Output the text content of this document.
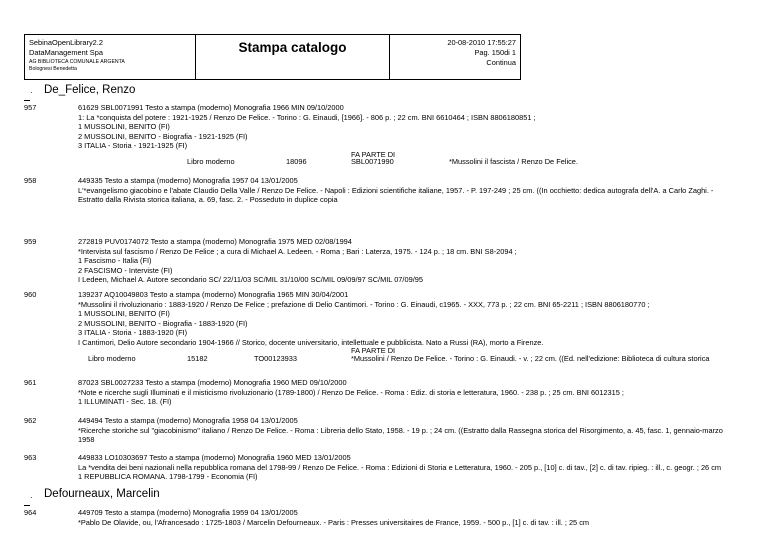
SebinaOpenLibrary2.2
DataManagement Spa
AG BIBLIOTECA COMUNALE ARGENTA
Bolognesi Benedetta
Stampa catalogo	20-08-2010 17:55:27
Pag. 150di 1
Continua
· De_Felice, Renzo
957	61629 SBL0071991 Testo a stampa (moderno) Monografia 1966 MIN 09/10/2000
1: La *conquista del potere : 1921-1925 / Renzo De Felice. - Torino : G. Einaudi, [1966]. - 806 p. ; 22 cm. BNI 6610464 ; ISBN 8806180851 ;
1 MUSSOLINI, BENITO (FI)
2 MUSSOLINI, BENITO - Biografia - 1921-1925 (FI)
3 ITALIA - Storia - 1921-1925 (FI)
FA PARTE DI
Libro moderno	18096	SBL0071990	*Mussolini il fascista / Renzo De Felice.
958	449335 Testo a stampa (moderno) Monografia 1957 04 13/01/2005
L'*evangelismo giacobino e l'abate Claudio Della Valle / Renzo De Felice. - Napoli : Edizioni scientifiche italiane, 1957. - P. 197-249 ; 25 cm. ((In occhietto: dedica autografa dell'A. a Carlo Zaghi. -
Estratto dalla Rivista storica italiana, a. 69, fasc. 2. - Posseduto in duplice copia
959	272819 PUV0174072 Testo a stampa (moderno) Monografia 1975 MED 02/08/1994
*Intervista sul fascismo / Renzo De Felice ; a cura di Michael A. Ledeen. - Roma ; Bari : Laterza, 1975. - 124 p. ; 18 cm. BNI S8-2094 ;
1 Fascismo - Italia (FI)
2 FASCISMO - Interviste (FI)
I Ledeen, Michael A. Autore secondario SC/ 22/11/03 SC/MIL 31/10/00 SC/MIL 09/09/97 SC/MIL 07/09/95
960	139237 AQ10049803 Testo a stampa (moderno) Monografia 1965 MIN 30/04/2001
*Mussolini il rivoluzionario : 1883-1920 / Renzo De Felice ; prefazione di Delio Cantimori. - Torino : G. Einaudi, c1965. - XXX, 773 p. ; 22 cm. BNI 65-2211 ; ISBN 8806180770 ;
1 MUSSOLINI, BENITO (FI)
2 MUSSOLINI, BENITO - Biografia - 1883-1920 (FI)
3 ITALIA - Storia - 1883-1920 (FI)
I Cantimori, Delio Autore secondario 1904-1966 // Storico, docente universitario, intellettuale e pubblicista. Nato a Russi (RA), morto a Firenze.
FA PARTE DI
Libro moderno	15182	TO00123933	*Mussolini / Renzo De Felice. - Torino : G. Einaudi. - v. ; 22 cm. ((Ed. nell'edizione: Biblioteca di cultura storica
961	87023 SBL0027233 Testo a stampa (moderno) Monografia 1960 MED 09/10/2000
*Note e ricerche sugli Illuminati e il misticismo rivoluzionario (1789-1800) / Renzo De Felice. - Roma : Ediz. di storia e letteratura, 1960. - 238 p. ; 25 cm. BNI 6012315 ;
1 ILLUMINATI - Sec. 18. (FI)
962	449494 Testo a stampa (moderno) Monografia 1958 04 13/01/2005
*Ricerche storiche sul "giacobinismo" italiano / Renzo De Felice. - Roma : Libreria dello Stato, 1958. - 19 p. ; 24 cm. ((Estratto dalla Rassegna storica del Risorgimento, a. 45, fasc. 1, gennaio-marzo
1958
963	449833 LO10303697 Testo a stampa (moderno) Monografia 1960 MED 13/01/2005
La *vendita dei beni nazionali nella repubblica romana del 1798-99 / Renzo De Felice. - Roma : Edizioni di Storia e Letteratura, 1960. - 205 p., [10] c. di tav., [2] c. di tav. ripieg. : ill., c. geogr. ; 26 cm
1 REPUBBLICA ROMANA. 1798-1799 - Economia (FI)
· Defourneaux, Marcelin
964	449709 Testo a stampa (moderno) Monografia 1959 04 13/01/2005
*Pablo De Olavide, ou, l'Afrancesado : 1725-1803 / Marcelin Defourneaux. - Paris : Presses universitaires de France, 1959. - 500 p., [1] c. di tav. : ill. ; 25 cm
